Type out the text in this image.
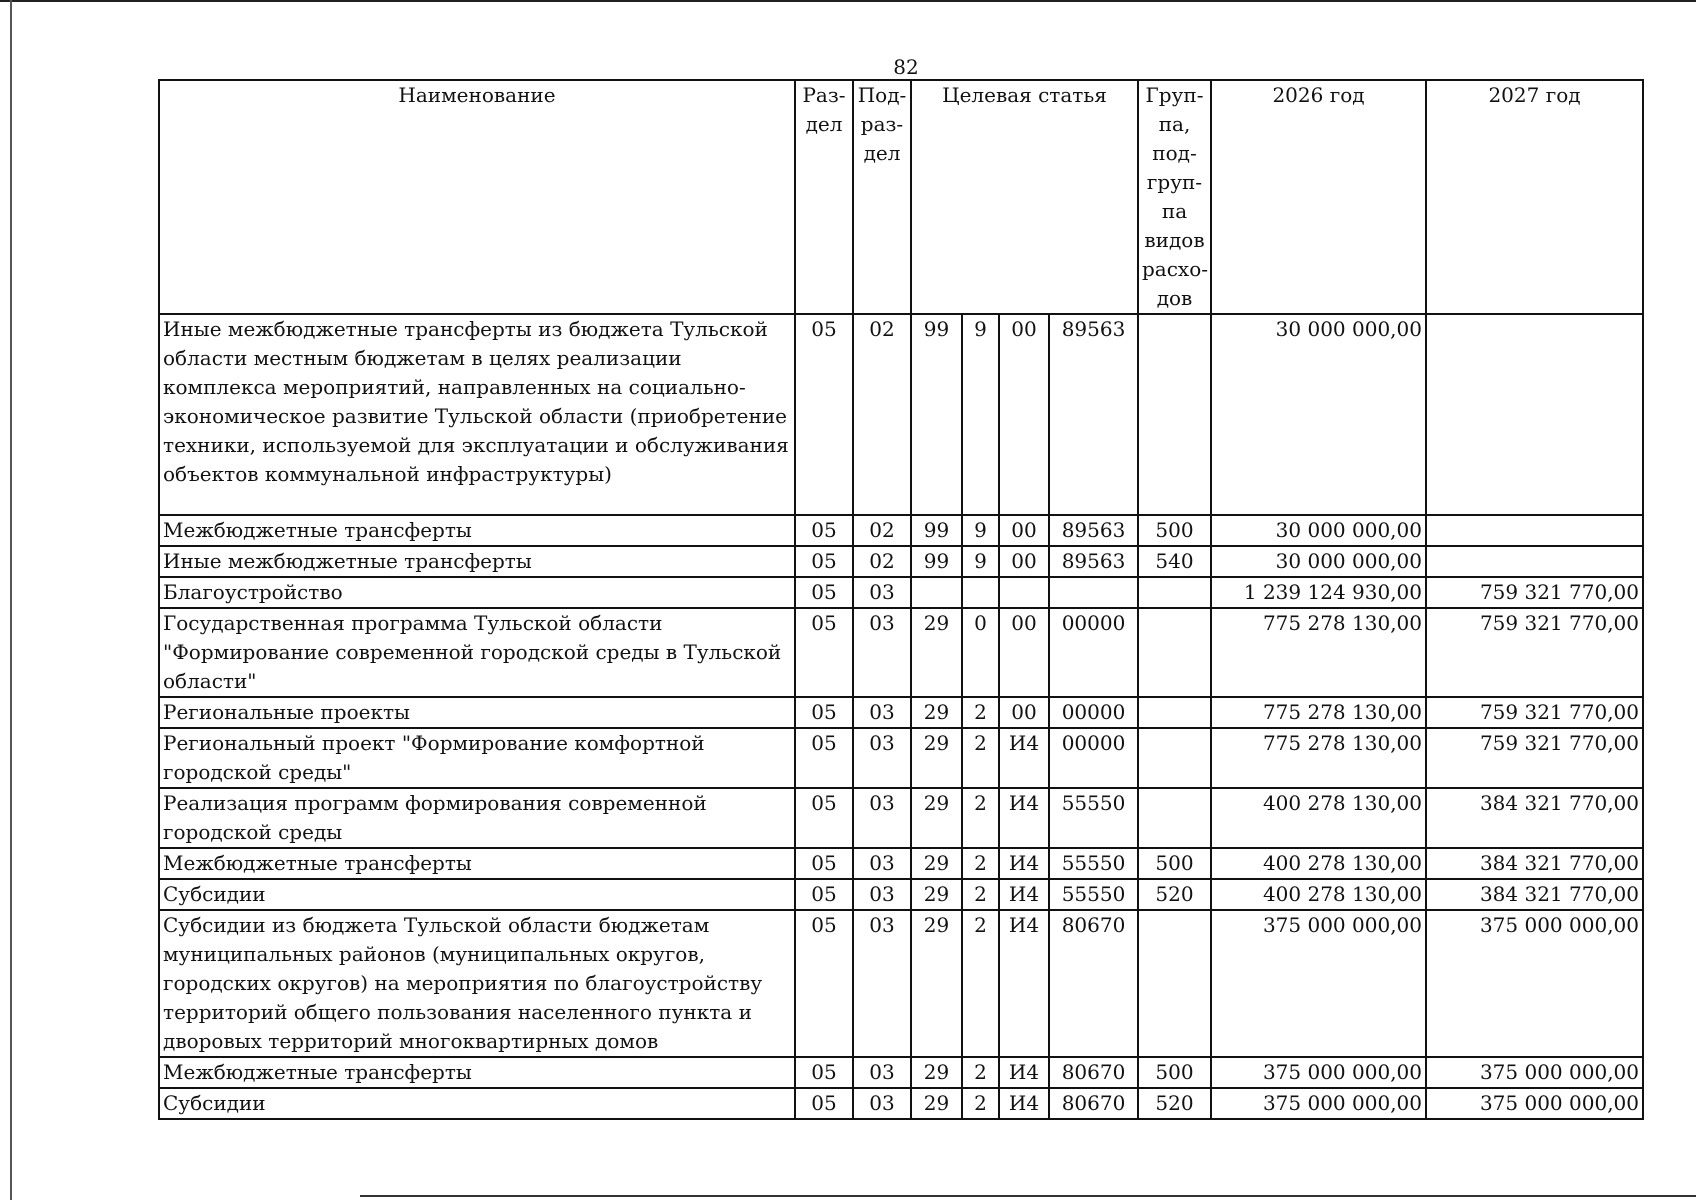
82
Наименование	Раз- дел	Под- раз- дел	Целевая статья				Груп- па, под- груп- па видов расхо- дов	2026 год	2027 год
Иные межбюджетные трансферты из бюджета Тульской области местным бюджетам в целях реализации комплекса мероприятий, направленных на социально-экономическое развитие Тульской области (приобретение техники, используемой для эксплуатации и обслуживания объектов коммунальной инфраструктуры)	05	02	99	9	00	89563		30 000 000,00	
Межбюджетные трансферты	05	02	99	9	00	89563	500	30 000 000,00	
Иные межбюджетные трансферты	05	02	99	9	00	89563	540	30 000 000,00	
Благоустройство	05	03						1 239 124 930,00	759 321 770,00
Государственная программа Тульской области "Формирование современной городской среды в Тульской области"	05	03	29	0	00	00000		775 278 130,00	759 321 770,00
Региональные проекты	05	03	29	2	00	00000		775 278 130,00	759 321 770,00
Региональный проект "Формирование комфортной городской среды"	05	03	29	2	И4	00000		775 278 130,00	759 321 770,00
Реализация программ формирования современной городской среды	05	03	29	2	И4	55550		400 278 130,00	384 321 770,00
Межбюджетные трансферты	05	03	29	2	И4	55550	500	400 278 130,00	384 321 770,00
Субсидии	05	03	29	2	И4	55550	520	400 278 130,00	384 321 770,00
Субсидии из бюджета Тульской области бюджетам муниципальных районов (муниципальных округов, городских округов) на мероприятия по благоустройству территорий общего пользования населенного пункта и дворовых территорий многоквартирных домов	05	03	29	2	И4	80670		375 000 000,00	375 000 000,00
Межбюджетные трансферты	05	03	29	2	И4	80670	500	375 000 000,00	375 000 000,00
Субсидии	05	03	29	2	И4	80670	520	375 000 000,00	375 000 000,00
